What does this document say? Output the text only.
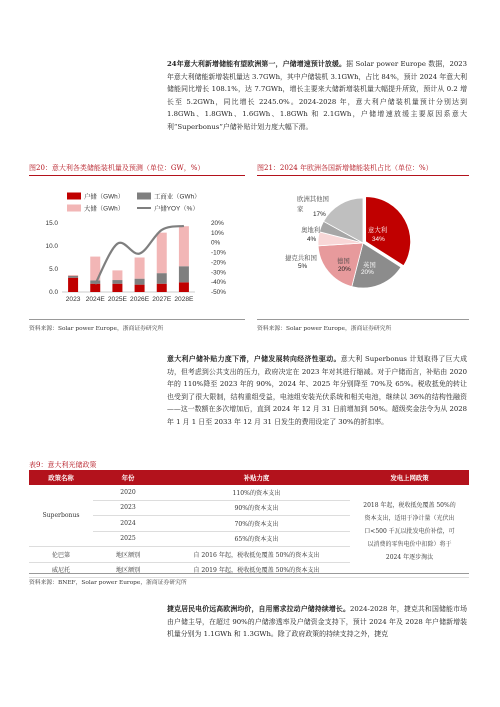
24年意大利新增储能有望欧洲第一，户储增速预计放缓。据 Solar power Europe 数据，2023 年意大利储能新增装机量达 3.7GWh，其中户储装机 3.1GWh，占比 84%，预计 2024 年意大利储能同比增长 108.1%，达 7.7GWh，增长主要来大储新增装机量大幅提升所致，预计从 0.2 增长至 5.2GWh，同比增长 2245.0%。2024-2028 年，意大利户储装机量预计分别达到 1.8GWh、1.8GWh、1.6GWh、1.8GWh 和 2.1GWh，户储增速放缓主要原因系意大利“Superbonus”户储补贴计划力度大幅下滑。
图20：意大利各类储能装机量及预测（单位：GW，%）	图21：2024 年欧洲各国新增储能装机占比（单位：%）
户储（GWh）	工商业（GWh）
大储（GWh）	户储YOY（%）
0.0
5.0
10.0
15.0	20%
10%
0%
-10%
-20%
-30%
-40%
-50%
2023 2024E 2025E 2026E 2027E 2028E
资料来源：Solar power Europe，浙商证券研究所
欧洲其他国家
17%
奥地利
4%
捷克共和国
5%
德国
20%
英国
20%
意大利
34%
资料来源：Solar power Europe，浙商证券研究所
意大利户储补贴力度下滑，户储发展转向经济性驱动。意大利 Superbonus 计划取得了巨大成功，但考虑到公共支出的压力，政府决定在 2023 年对其进行缩减。对于户储而言，补贴由 2020 年的 110%降至 2023 年的 90%，2024 年、2025 年分别降至 70%及 65%。税收抵免的转让也受到了很大限制，结构重组受益，电池组安装光伏系统和相关电池，继续以 36%的结构性融资——这一数额在多次增加后，直到 2024 年 12 月 31 日前增加到 50%。超级奖金法令为从 2028 年 1 月 1 日至 2033 年 12 月 31 日发生的费用设定了 30%的折扣率。
表9：意大利光储政策
政策名称	年份	补贴力度	发电上网政策
Superbonus	2020	110%的资本支出	2018 年起，税收抵免覆盖 50%的资本支出，适用于净计量（光伏出口<500 千瓦以批发电价补偿，可以消费的零售电价中扣除）将于 2024 年逐步淘汰

	2023	90%的资本支出	
	2024	70%的资本支出	
	2025	65%的资本支出	
伦巴第	地区额别	自 2016 年起，税收抵免覆盖 50%的资本支出	
威尼托	地区额别	自 2019 年起，税收抵免覆盖 50%的资本支出	
资料来源：BNEF，Solar power Europe，浙商证券研究所
捷克居民电价远高欧洲均价，自用需求拉动户储持续增长。2024-2028 年，捷克共和国储能市场由户储主导，在超过 90%的户储渗透率及户储资金支持下，预计 2024 年及 2028 年户储新增装机量分别为 1.1GWh 和 1.3GWh。除了政府政策的持续支持之外，捷克
